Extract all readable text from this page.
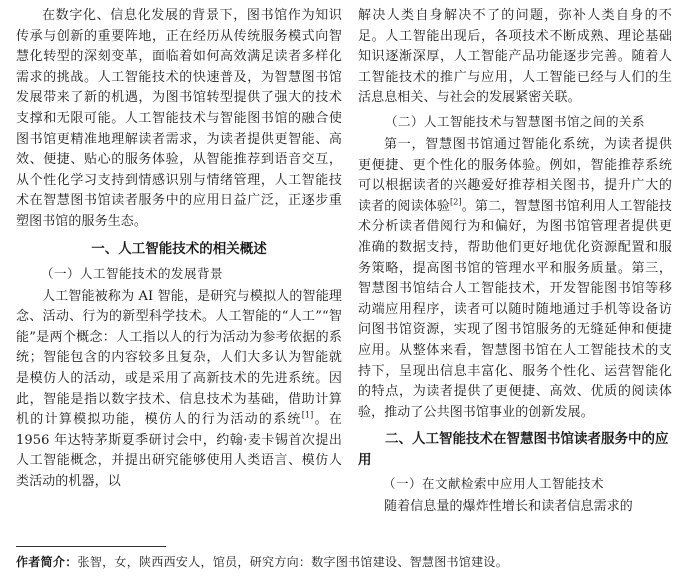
在数字化、信息化发展的背景下，图书馆作为知识传承与创新的重要阵地，正在经历从传统服务模式向智慧化转型的深刻变革，面临着如何高效满足读者多样化需求的挑战。人工智能技术的快速普及，为智慧图书馆发展带来了新的机遇，为图书馆转型提供了强大的技术支撑和无限可能。人工智能技术与智能图书馆的融合使图书馆更精准地理解读者需求，为读者提供更智能、高效、便捷、贴心的服务体验，从智能推荐到语音交互，从个性化学习支持到情感识别与情绪管理，人工智能技术在智慧图书馆读者服务中的应用日益广泛，正逐步重塑图书馆的服务生态。

一、人工智能技术的相关概述
（一）人工智能技术的发展背景

人工智能被称为 AI 智能，是研究与模拟人的智能理念、活动、行为的新型科学技术。人工智能的“人工”“智能”是两个概念：人工指以人的行为活动为参考依据的系统；智能包含的内容较多且复杂，人们大多认为智能就是模仿人的活动，或是采用了高新技术的先进系统。因此，智能是指以数字技术、信息技术为基础，借助计算机的计算模拟功能，模仿人的行为活动的系统[1]。在 1956 年达特茅斯夏季研讨会中，约翰·麦卡锡首次提出人工智能概念，并提出研究能够使用人类语言、模仿人类活动的机器，以

解决人类自身解决不了的问题，弥补人类自身的不足。人工智能出现后，各项技术不断成熟、理论基础知识逐渐深厚，人工智能产品功能逐步完善。随着人工智能技术的推广与应用，人工智能已经与人们的生活息息相关、与社会的发展紧密关联。

（二）人工智能技术与智慧图书馆之间的关系

第一，智慧图书馆通过智能化系统，为读者提供更便捷、更个性化的服务体验。例如，智能推荐系统可以根据读者的兴趣爱好推荐相关图书，提升广大的读者的阅读体验[2]。第二，智慧图书馆利用人工智能技术分析读者借阅行为和偏好，为图书馆管理者提供更准确的数据支持，帮助他们更好地优化资源配置和服务策略，提高图书馆的管理水平和服务质量。第三，智慧图书馆结合人工智能技术，开发智能图书馆等移动端应用程序，读者可以随时随地通过手机等设备访问图书馆资源，实现了图书馆服务的无缝延伸和便捷应用。从整体来看，智慧图书馆在人工智能技术的支持下，呈现出信息丰富化、服务个性化、运营智能化的特点，为读者提供了更便捷、高效、优质的阅读体验，推动了公共图书馆事业的创新发展。

二、人工智能技术在智慧图书馆读者服务中的应用
（一）在文献检索中应用人工智能技术

随着信息量的爆炸性增长和读者信息需求的

作者简介：张智，女，陕西西安人，馆员，研究方向：数字图书馆建设、智慧图书馆建设。
